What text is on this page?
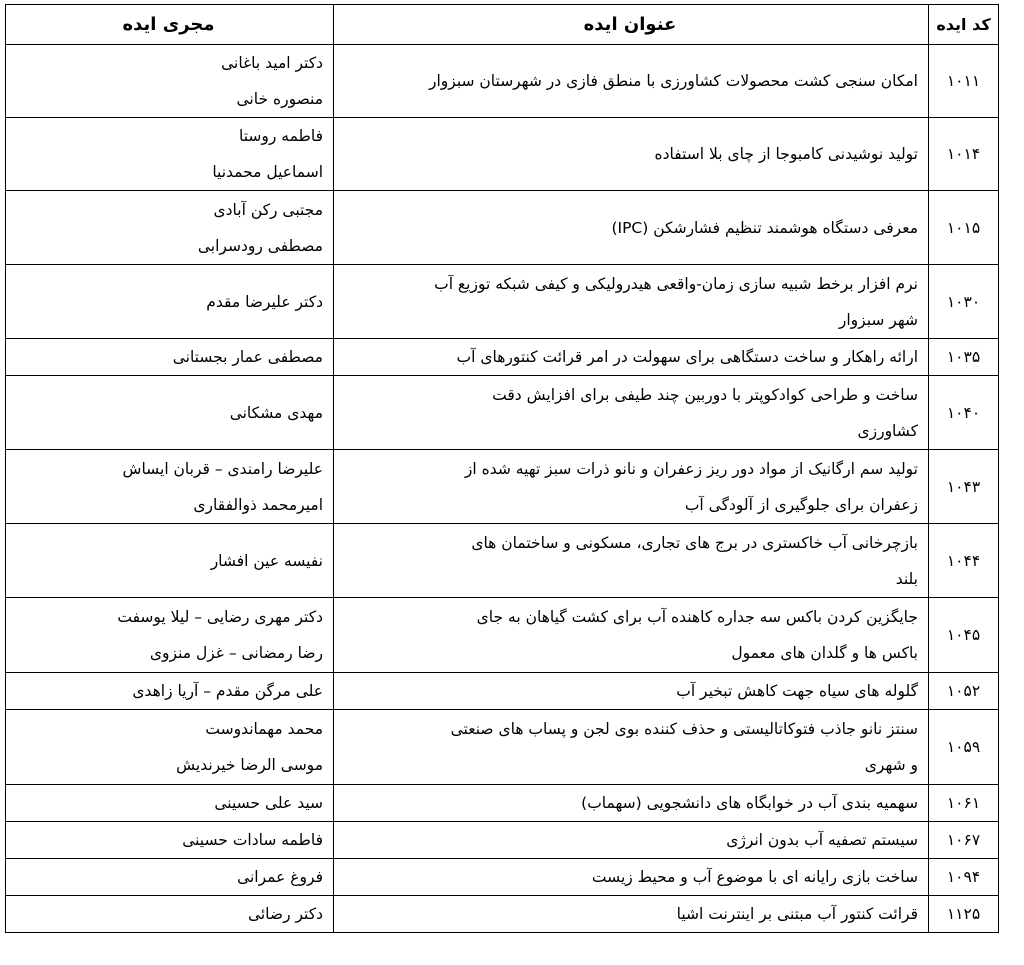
کد ایده	عنوان ایده	مجری ایده
۱۰۱۱	امکان سنجی کشت محصولات کشاورزی با منطق فازی در شهرستان سبزوار	دکتر امید باغانی
منصوره خانی

۱۰۱۴	تولید نوشیدنی کامبوجا از چای بلا استفاده	فاطمه روستا
اسماعیل محمدنیا

۱۰۱۵	معرفی دستگاه هوشمند تنظیم فشارشکن (IPC)	مجتبی رکن آبادی
مصطفی رودسرابی

۱۰۳۰	نرم افزار برخط شبیه سازی زمان-واقعی هیدرولیکی و کیفی شبکه توزیع آب
شهر سبزوار	دکتر علیرضا مقدم

۱۰۳۵	ارائه راهکار و ساخت دستگاهی برای سهولت در امر قرائت کنتورهای آب	مصطفی عمار بجستانی

۱۰۴۰	ساخت و طراحی کوادکوپتر با دوربین چند طیفی برای افزایش دقت
کشاورزی	مهدی مشکانی

۱۰۴۳	تولید سم ارگانیک از مواد دور ریز زعفران و نانو ذرات سبز تهیه شده از
زعفران برای جلوگیری از آلودگی آب	علیرضا رامندی – قربان ایساش
امیرمحمد ذوالفقاری

۱۰۴۴	بازچرخانی آب خاکستری در برج های تجاری، مسکونی و ساختمان های
بلند	نفیسه عین افشار

۱۰۴۵	جایگزین کردن باکس سه جداره کاهنده آب برای کشت گیاهان به جای
باکس ها و گلدان های معمول	دکتر مهری رضایی – لیلا یوسفت
رضا رمضانی – غزل منزوی

۱۰۵۲	گلوله های سیاه جهت کاهش تبخیر آب	علی مرگن مقدم – آریا زاهدی

۱۰۵۹	سنتز نانو جاذب فتوکاتالیستی و حذف کننده بوی لجن و پساب های صنعتی
و شهری	محمد مهماندوست
موسی الرضا خیرندیش

۱۰۶۱	سهمیه بندی آب در خوابگاه های دانشجویی (سهماب)	سید علی حسینی

۱۰۶۷	سیستم تصفیه آب بدون انرژی	فاطمه سادات حسینی

۱۰۹۴	ساخت بازی رایانه ای با موضوع آب و محیط زیست	فروغ عمرانی

۱۱۲۵	قرائت کنتور آب مبتنی بر اینترنت اشیا	دکتر رضائی
